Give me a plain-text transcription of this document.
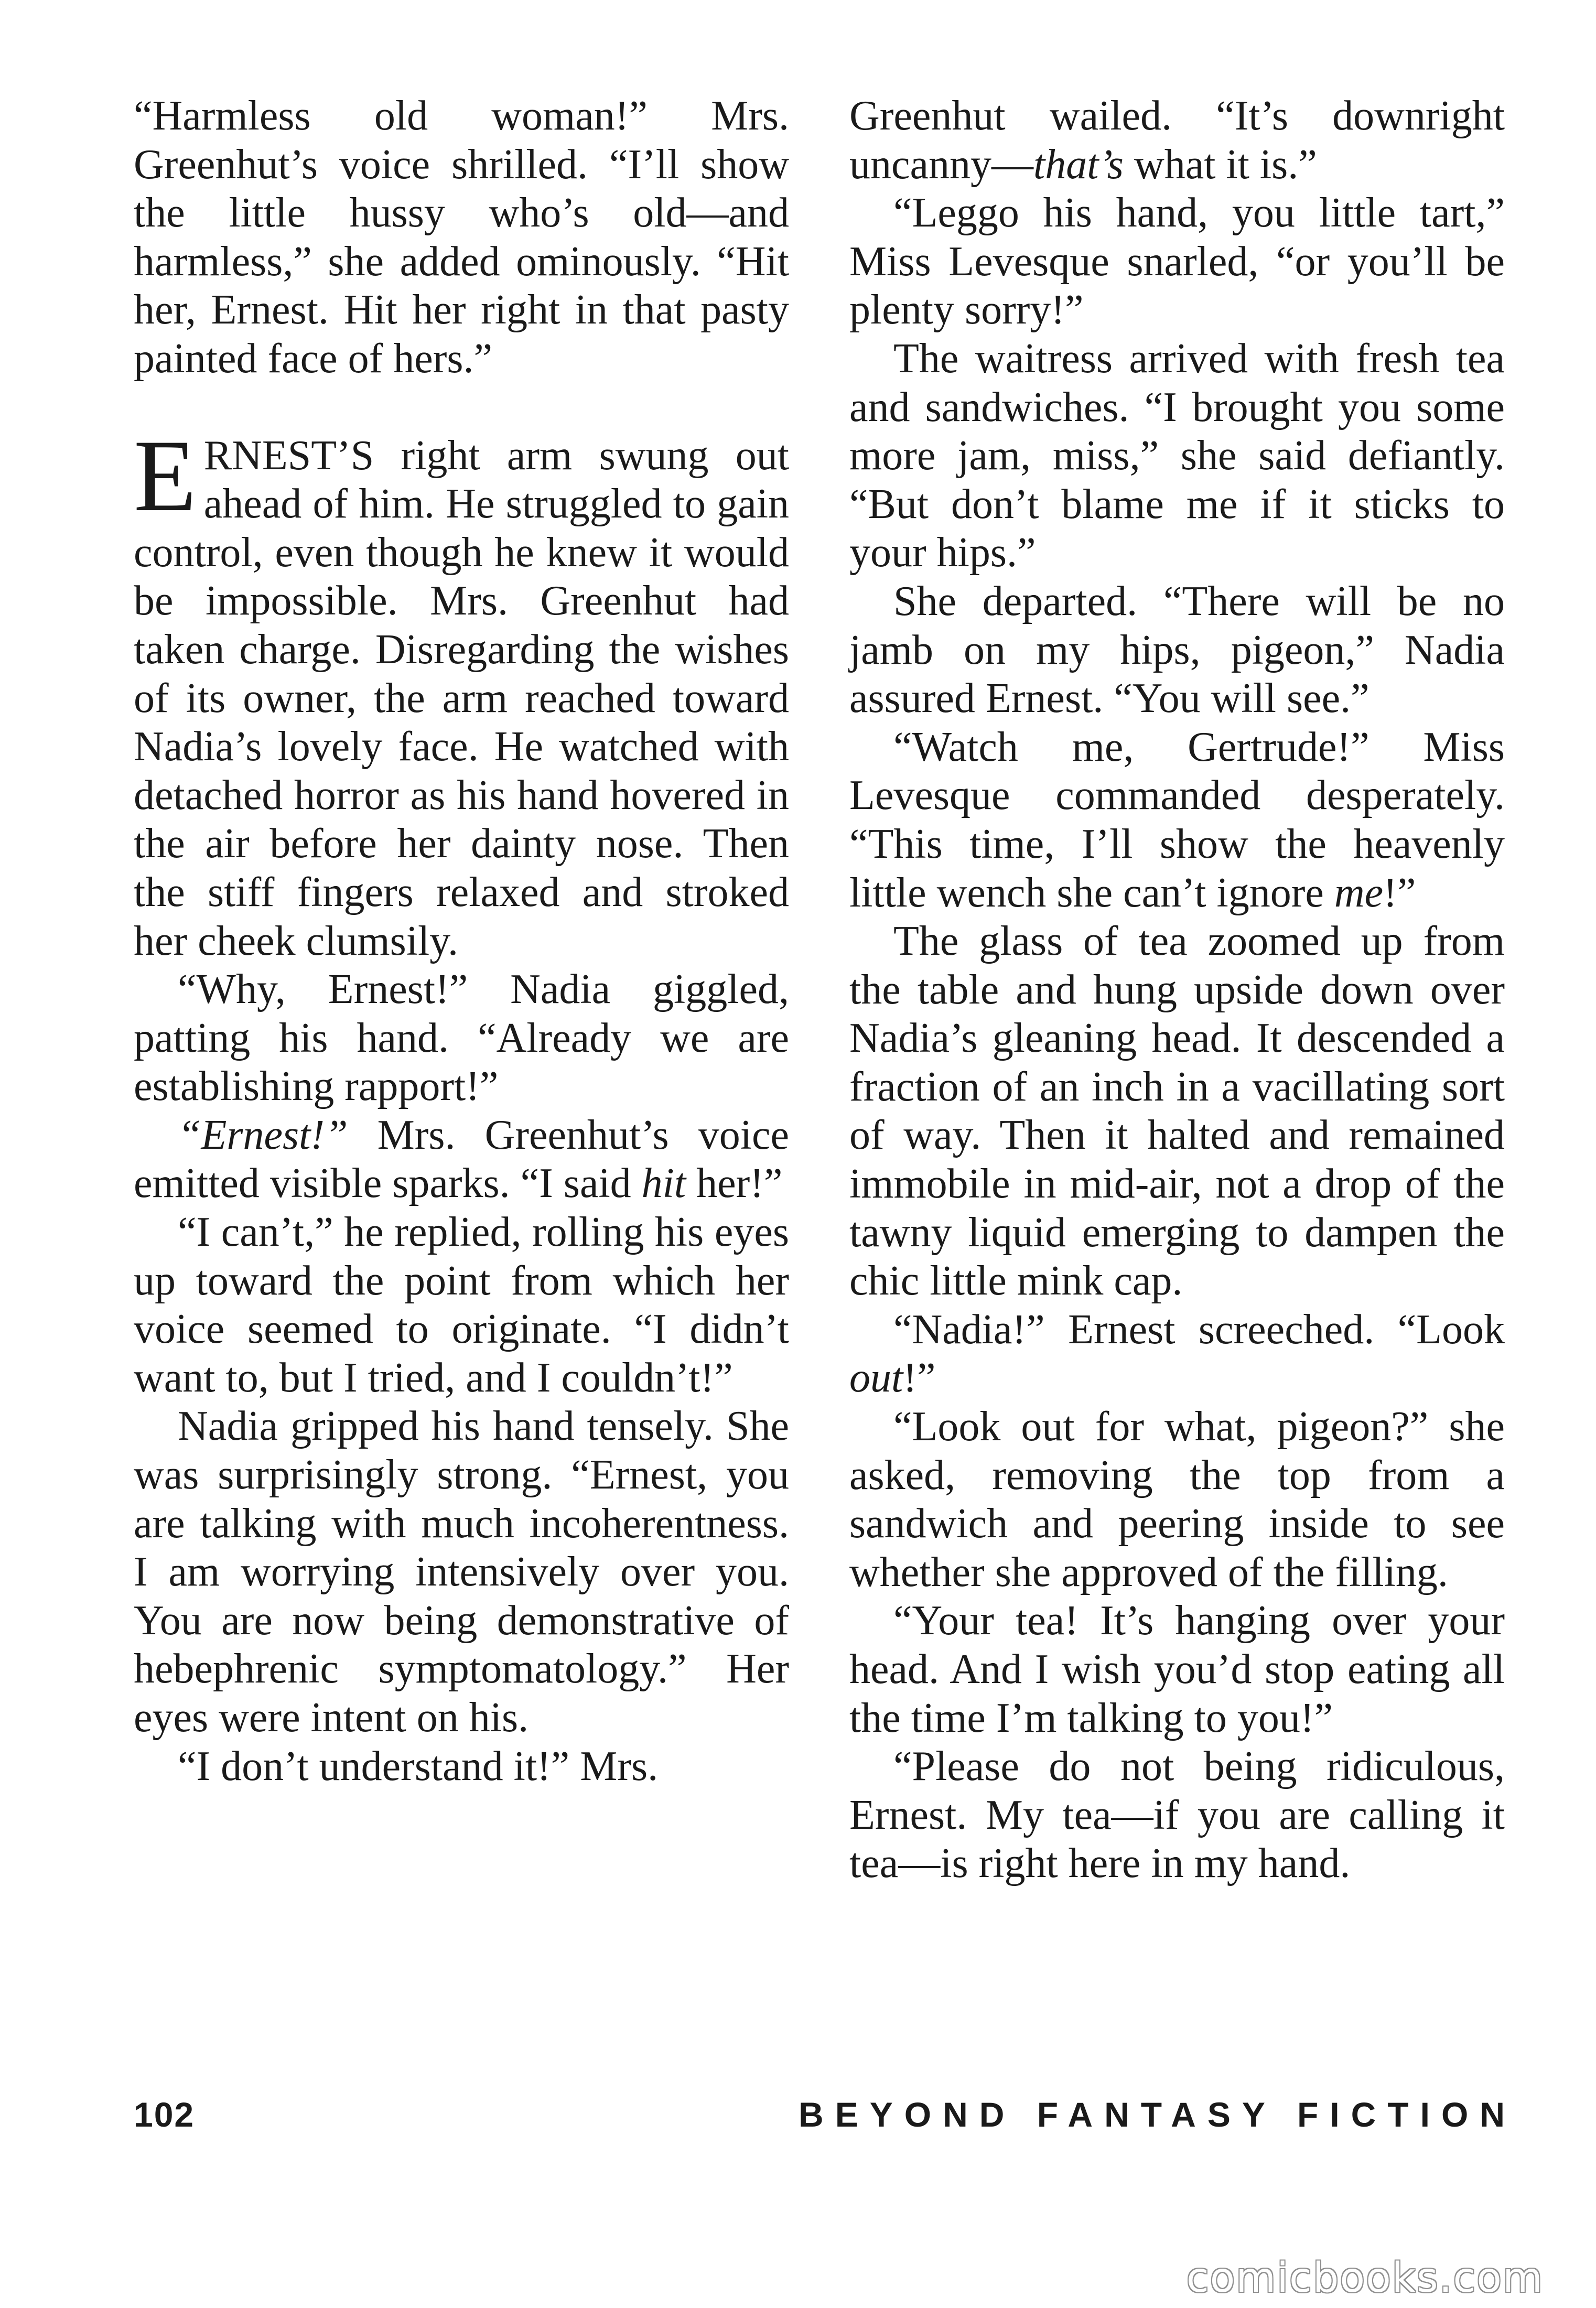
“Harmless old woman!” Mrs. Greenhut’s voice shrilled. “I’ll show the little hussy who’s old—and harmless,” she added ominously. “Hit her, Ernest. Hit her right in that pasty painted face of hers.”

ERNEST’S right arm swung out ahead of him. He struggled to gain control, even though he knew it would be impossible. Mrs. Greenhut had taken charge. Disregarding the wishes of its owner, the arm reached toward Nadia’s lovely face. He watched with detached horror as his hand hovered in the air before her dainty nose. Then the stiff fingers relaxed and stroked her cheek clumsily.

“Why, Ernest!” Nadia giggled, patting his hand. “Already we are establishing rapport!”

“Ernest!” Mrs. Greenhut’s voice emitted visible sparks. “I said hit her!”

“I can’t,” he replied, rolling his eyes up toward the point from which her voice seemed to originate. “I didn’t want to, but I tried, and I couldn’t!”

Nadia gripped his hand tensely. She was surprisingly strong. “Ernest, you are talking with much incoherentness. I am worrying intensively over you. You are now being demonstrative of hebephrenic symptomatology.” Her eyes were intent on his.

“I don’t understand it!” Mrs.

Greenhut wailed. “It’s downright uncanny—that’s what it is.”

“Leggo his hand, you little tart,” Miss Levesque snarled, “or you’ll be plenty sorry!”

The waitress arrived with fresh tea and sandwiches. “I brought you some more jam, miss,” she said defiantly. “But don’t blame me if it sticks to your hips.”

She departed. “There will be no jamb on my hips, pigeon,” Nadia assured Ernest. “You will see.”

“Watch me, Gertrude!” Miss Levesque commanded desperately. “This time, I’ll show the heavenly little wench she can’t ignore me!”

The glass of tea zoomed up from the table and hung upside down over Nadia’s gleaning head. It descended a fraction of an inch in a vacillating sort of way. Then it halted and remained immobile in mid-air, not a drop of the tawny liquid emerging to dampen the chic little mink cap.

“Nadia!” Ernest screeched. “Look out!”

“Look out for what, pigeon?” she asked, removing the top from a sandwich and peering inside to see whether she approved of the filling.

“Your tea! It’s hanging over your head. And I wish you’d stop eating all the time I’m talking to you!”

“Please do not being ridiculous, Ernest. My tea—if you are calling it tea—is right here in my hand.

102	BEYOND FANTASY FICTION
comicbooks.com
